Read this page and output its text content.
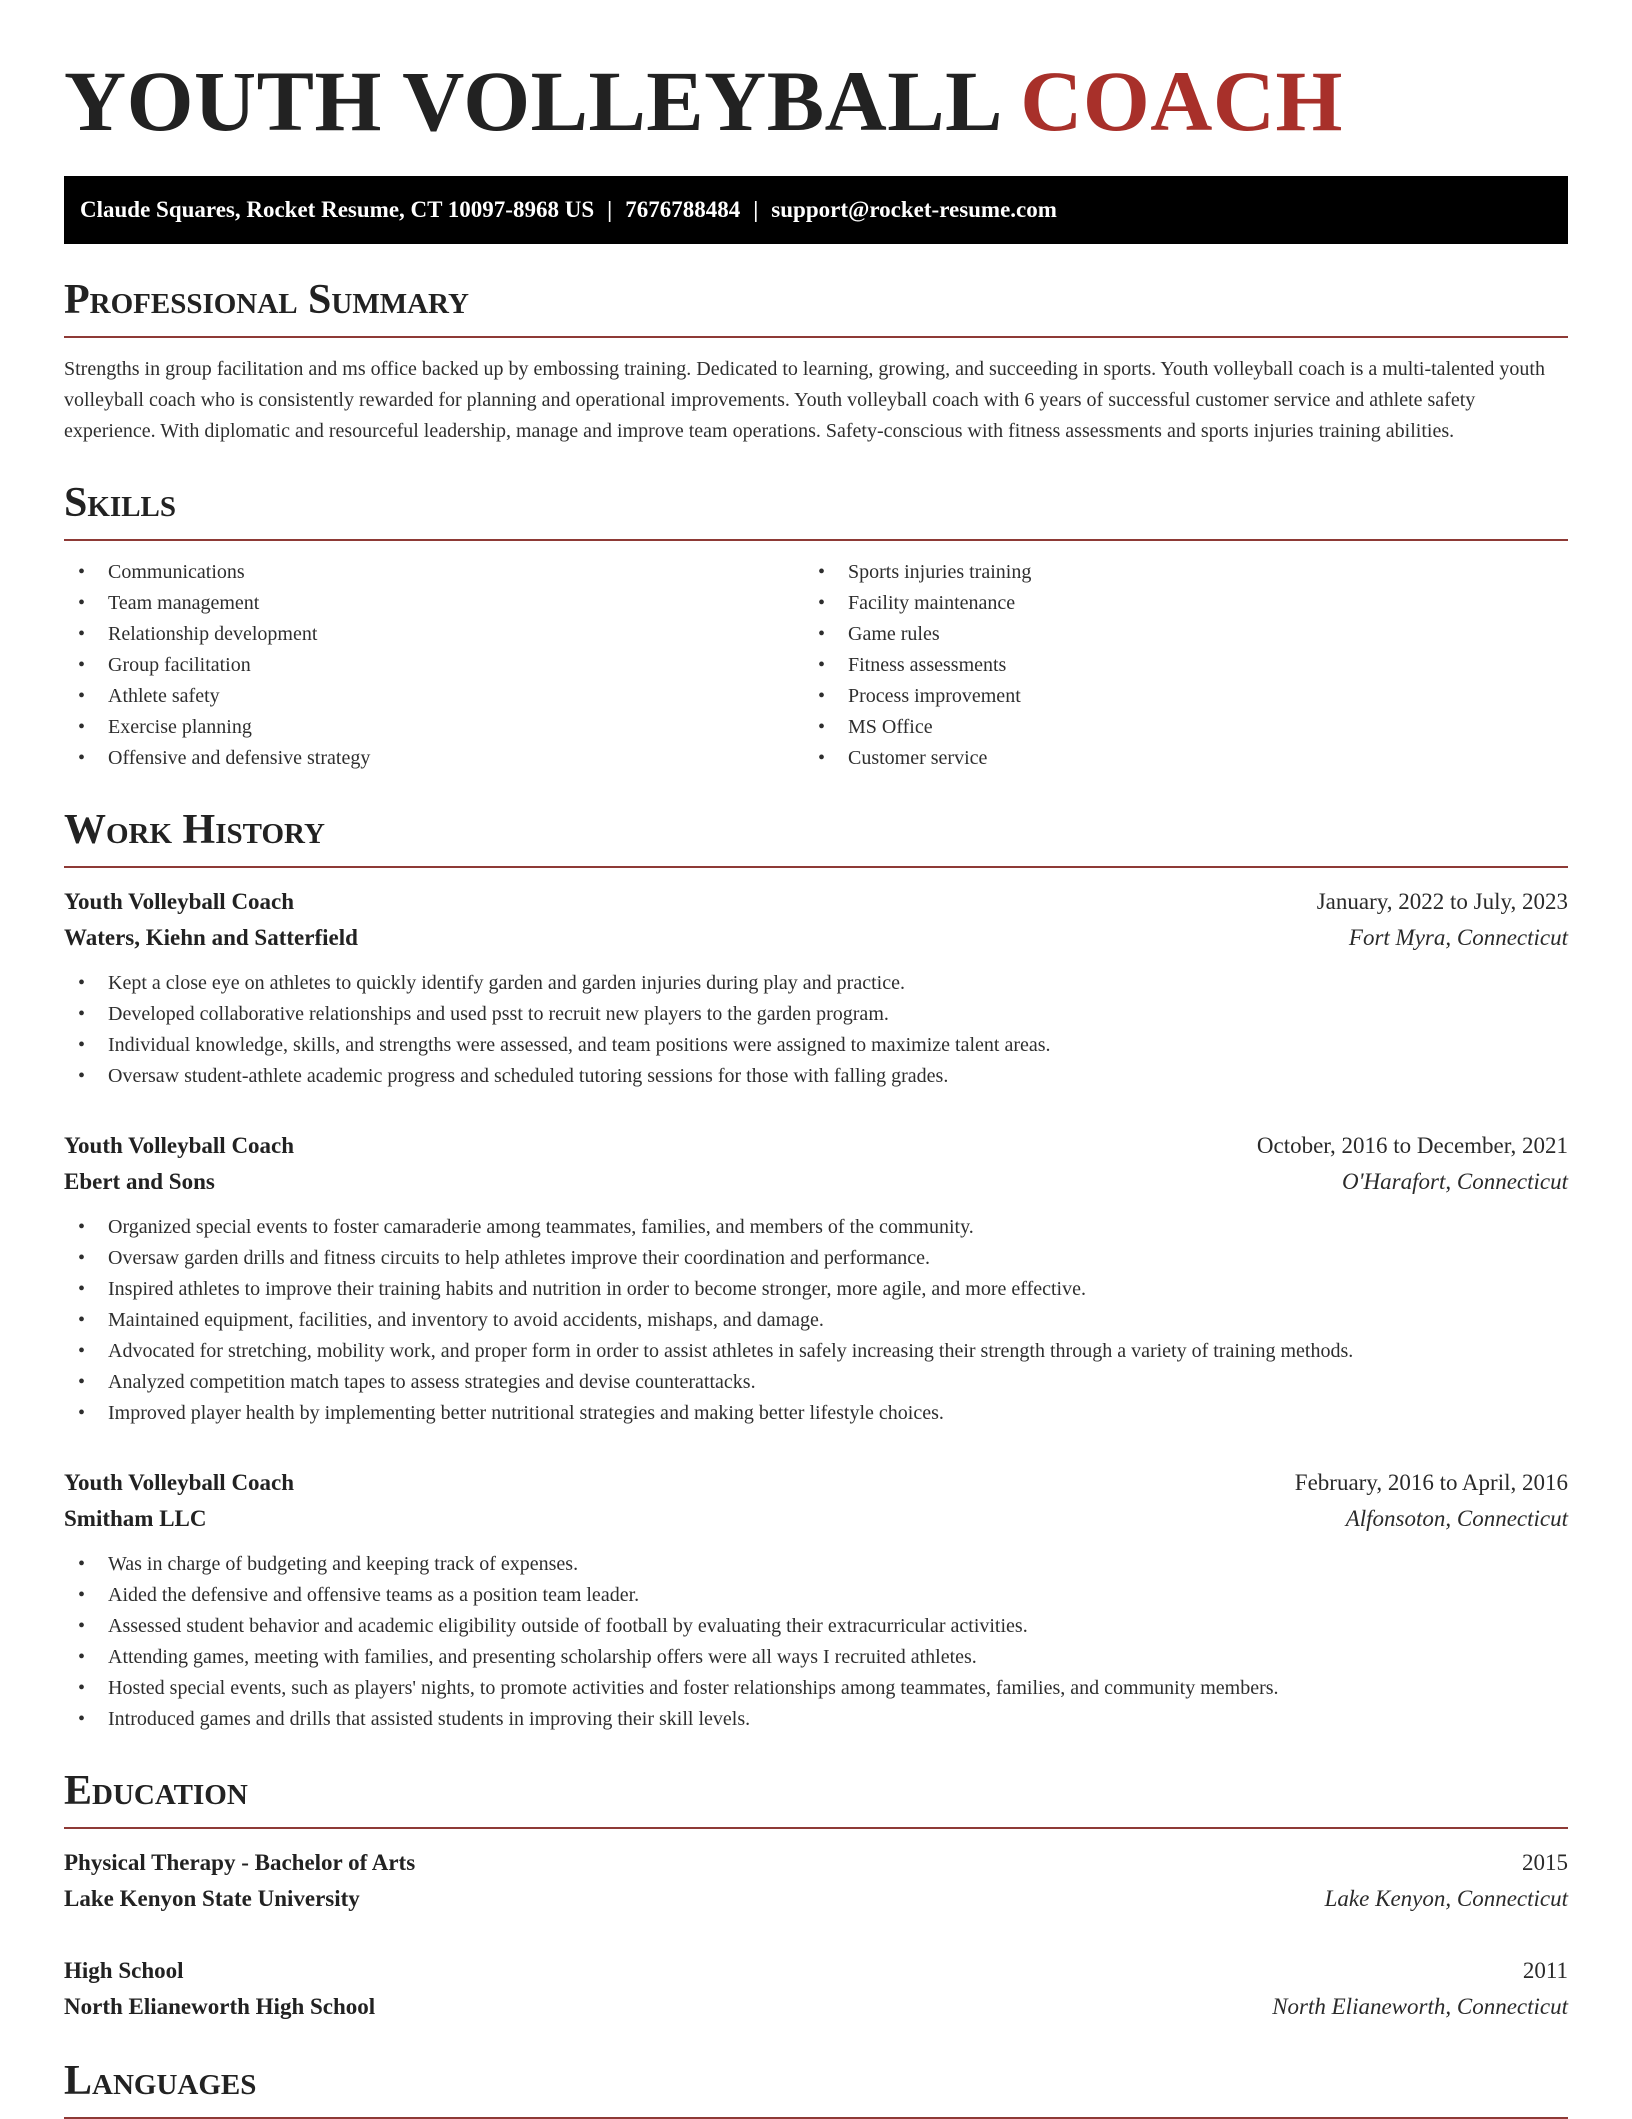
YOUTH VOLLEYBALL COACH
Claude Squares, Rocket Resume, CT 10097-8968 US | 7676788484 | support@rocket-resume.com
Professional Summary

Strengths in group facilitation and ms office backed up by embossing training. Dedicated to learning, growing, and succeeding in sports. Youth volleyball coach is a multi-talented youth volleyball coach who is consistently rewarded for planning and operational improvements. Youth volleyball coach with 6 years of successful customer service and athlete safety experience. With diplomatic and resourceful leadership, manage and improve team operations. Safety-conscious with fitness assessments and sports injuries training abilities.

Skills
• Communications
• Team management
• Relationship development
• Group facilitation
• Athlete safety
• Exercise planning
• Offensive and defensive strategy
• Sports injuries training
• Facility maintenance
• Game rules
• Fitness assessments
• Process improvement
• MS Office
• Customer service
Work History
Youth Volleyball Coach	January, 2022 to July, 2023
Waters, Kiehn and Satterfield	Fort Myra, Connecticut
• Kept a close eye on athletes to quickly identify garden and garden injuries during play and practice.
• Developed collaborative relationships and used psst to recruit new players to the garden program.
• Individual knowledge, skills, and strengths were assessed, and team positions were assigned to maximize talent areas.
• Oversaw student-athlete academic progress and scheduled tutoring sessions for those with falling grades.
Youth Volleyball Coach	October, 2016 to December, 2021
Ebert and Sons	O'Harafort, Connecticut
• Organized special events to foster camaraderie among teammates, families, and members of the community.
• Oversaw garden drills and fitness circuits to help athletes improve their coordination and performance.
• Inspired athletes to improve their training habits and nutrition in order to become stronger, more agile, and more effective.
• Maintained equipment, facilities, and inventory to avoid accidents, mishaps, and damage.
• Advocated for stretching, mobility work, and proper form in order to assist athletes in safely increasing their strength through a variety of training methods.
• Analyzed competition match tapes to assess strategies and devise counterattacks.
• Improved player health by implementing better nutritional strategies and making better lifestyle choices.
Youth Volleyball Coach	February, 2016 to April, 2016
Smitham LLC	Alfonsoton, Connecticut
• Was in charge of budgeting and keeping track of expenses.
• Aided the defensive and offensive teams as a position team leader.
• Assessed student behavior and academic eligibility outside of football by evaluating their extracurricular activities.
• Attending games, meeting with families, and presenting scholarship offers were all ways I recruited athletes.
• Hosted special events, such as players' nights, to promote activities and foster relationships among teammates, families, and community members.
• Introduced games and drills that assisted students in improving their skill levels.
Education
Physical Therapy - Bachelor of Arts	2015
Lake Kenyon State University	Lake Kenyon, Connecticut
High School	2011
North Elianeworth High School	North Elianeworth, Connecticut
Languages
